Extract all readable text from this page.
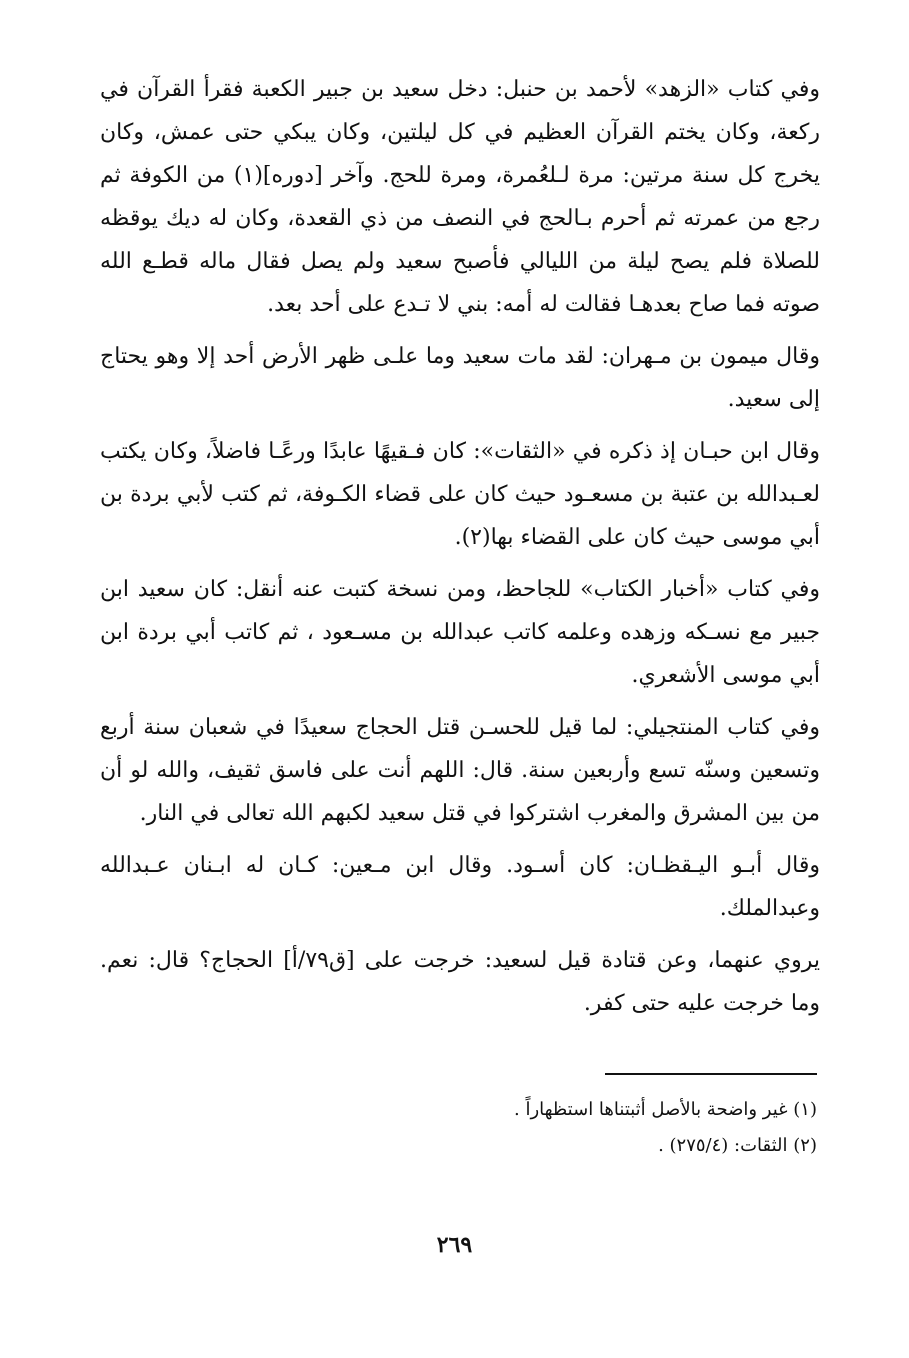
وفي كتاب «الزهد» لأحمد بن حنبل: دخل سعيد بن جبير الكعبة فقرأ القرآن في ركعة، وكان يختم القرآن العظيم في كل ليلتين، وكان يبكي حتى عمش، وكان يخرج كل سنة مرتين: مرة لـلعُمرة، ومرة للحج. وآخر [دوره](١) من الكوفة ثم رجع من عمرته ثم أحرم بـالحج في النصف من ذي القعدة، وكان له ديك يوقظه للصلاة فلم يصح ليلة من الليالي فأصبح سعيد ولم يصل فقال ماله قطـع الله صوته فما صاح بعدهـا فقالت له أمه: بني لا تـدع على أحد بعد.

وقال ميمون بن مـهران: لقد مات سعيد وما علـى ظهر الأرض أحد إلا وهو يحتاج إلى سعيد.

وقال ابن حبـان إذ ذكره في «الثقات»: كان فـقيهًا عابدًا ورعًـا فاضلاً، وكان يكتب لعـبدالله بن عتبة بن مسعـود حيث كان على قضاء الكـوفة، ثم كتب لأبي بردة بن أبي موسى حيث كان على القضاء بها(٢).

وفي كتاب «أخبار الكتاب» للجاحظ، ومن نسخة كتبت عنه أنقل: كان سعيد ابن جبير مع نسـكه وزهده وعلمه كاتب عبدالله بن مسـعود ، ثم كاتب أبي بردة ابن أبي موسى الأشعري.

وفي كتاب المنتجيلي: لما قيل للحسـن قتل الحجاج سعيدًا في شعبان سنة أربع وتسعين وسنّه تسع وأربعين سنة. قال: اللهم أنت على فاسق ثقيف، والله لو أن من بين المشرق والمغرب اشتركوا في قتل سعيد لكبهم الله تعالى في النار.

وقال أبـو اليـقظـان: كان أسـود. وقال ابن مـعين: كـان له ابـنان عـبدالله وعبدالملك.

يروي عنهما، وعن قتادة قيل لسعيد: خرجت على [ق٧٩/أ] الحجاج؟ قال: نعم. وما خرجت عليه حتى كفر.

(١) غير واضحة بالأصل أثبتناها استظهاراً .

(٢) الثقات: (٢٧٥/٤) .

٢٦٩
